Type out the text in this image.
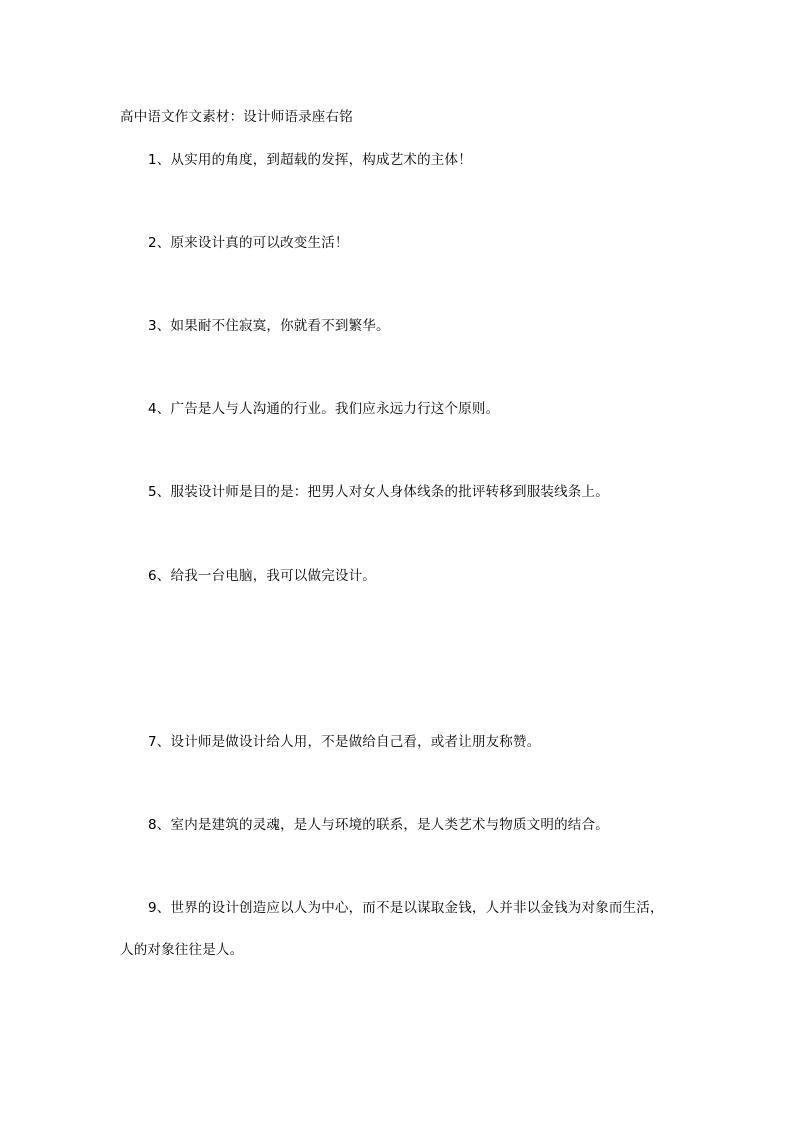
高中语文作文素材：设计师语录座右铭
1、从实用的角度，到超载的发挥，构成艺术的主体！
2、原来设计真的可以改变生活！
3、如果耐不住寂寞，你就看不到繁华。
4、广告是人与人沟通的行业。我们应永远力行这个原则。
5、服装设计师是目的是：把男人对女人身体线条的批评转移到服装线条上。
6、给我一台电脑，我可以做完设计。
7、设计师是做设计给人用，不是做给自己看，或者让朋友称赞。
8、室内是建筑的灵魂，是人与环境的联系，是人类艺术与物质文明的结合。
9、世界的设计创造应以人为中心，而不是以谋取金钱，人并非以金钱为对象而生活，
人的对象往往是人。
